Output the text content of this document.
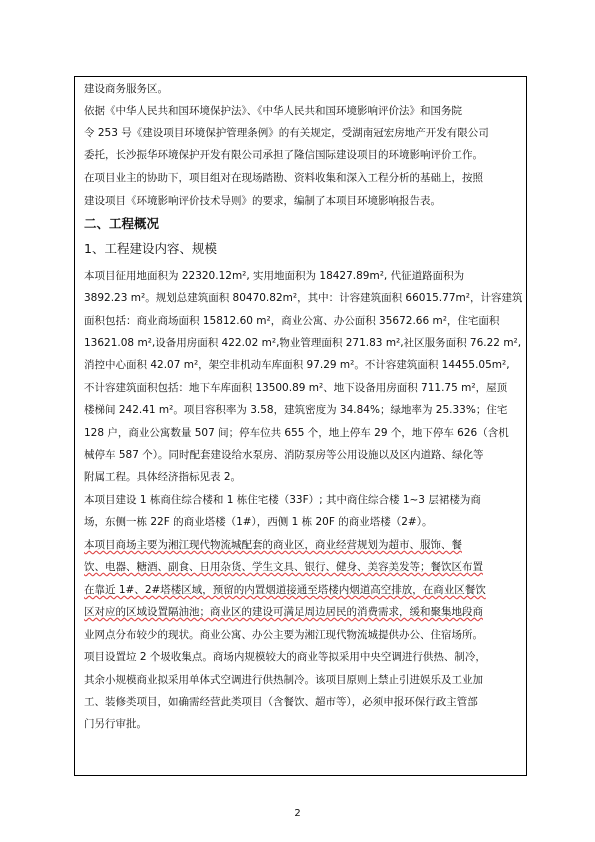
建设商务服务区。
依据《中华人民共和国环境保护法》、《中华人民共和国环境影响评价法》和国务院
令 253 号《建设项目环境保护管理条例》的有关规定，受湖南冠宏房地产开发有限公司
委托，长沙振华环境保护开发有限公司承担了隆信国际建设项目的环境影响评价工作。
在项目业主的协助下，项目组对在现场踏勘、资料收集和深入工程分析的基础上，按照
建设项目《环境影响评价技术导则》的要求，编制了本项目环境影响报告表。
二、工程概况
1、工程建设内容、规模
本项目征用地面积为 22320.12m², 实用地面积为 18427.89m², 代征道路面积为
3892.23 m²。规划总建筑面积 80470.82m²，其中：计容建筑面积 66015.77m²，计容建筑
面积包括：商业商场面积 15812.60 m²，商业公寓、办公面积 35672.66 m²，住宅面积
13621.08 m²,设备用房面积 422.02 m²,物业管理面积 271.83 m²,社区服务面积 76.22 m²,
消控中心面积 42.07 m²，架空非机动车库面积 97.29 m²。不计容建筑面积 14455.05m²,
不计容建筑面积包括：地下车库面积 13500.89 m²、地下设备用房面积 711.75 m²，屋顶
楼梯间 242.41 m²。项目容积率为 3.58，建筑密度为 34.84%；绿地率为 25.33%；住宅
128 户，商业公寓数量 507 间；停车位共 655 个，地上停车 29 个，地下停车 626（含机
械停车 587 个）。同时配套建设给水泵房、消防泵房等公用设施以及区内道路、绿化等
附属工程。具体经济指标见表 2。
本项目建设 1 栋商住综合楼和 1 栋住宅楼（33F）; 其中商住综合楼 1~3 层裙楼为商
场，东侧一栋 22F 的商业塔楼（1#），西侧 1 栋 20F 的商业塔楼（2#）。
本项目商场主要为湘江现代物流城配套的商业区，商业经营规划为超市、服饰、餐
饮、电器、糖酒、副食、日用杂货、学生文具、银行、健身、美容美发等；餐饮区布置
在靠近 1#、2#塔楼区域，预留的内置烟道接通至塔楼内烟道高空排放，在商业区餐饮
区对应的区域设置隔油池；商业区的建设可满足周边居民的消费需求，缓和聚集地段商
业网点分布较少的现状。商业公寓、办公主要为湘江现代物流城提供办公、住宿场所。
项目设置垃 2 个圾收集点。商场内规模较大的商业等拟采用中央空调进行供热、制冷，
其余小规模商业拟采用单体式空调进行供热制冷。该项目原则上禁止引进娱乐及工业加
工、装修类项目，如确需经营此类项目（含餐饮、超市等），必须申报环保行政主管部
门另行审批。
2
